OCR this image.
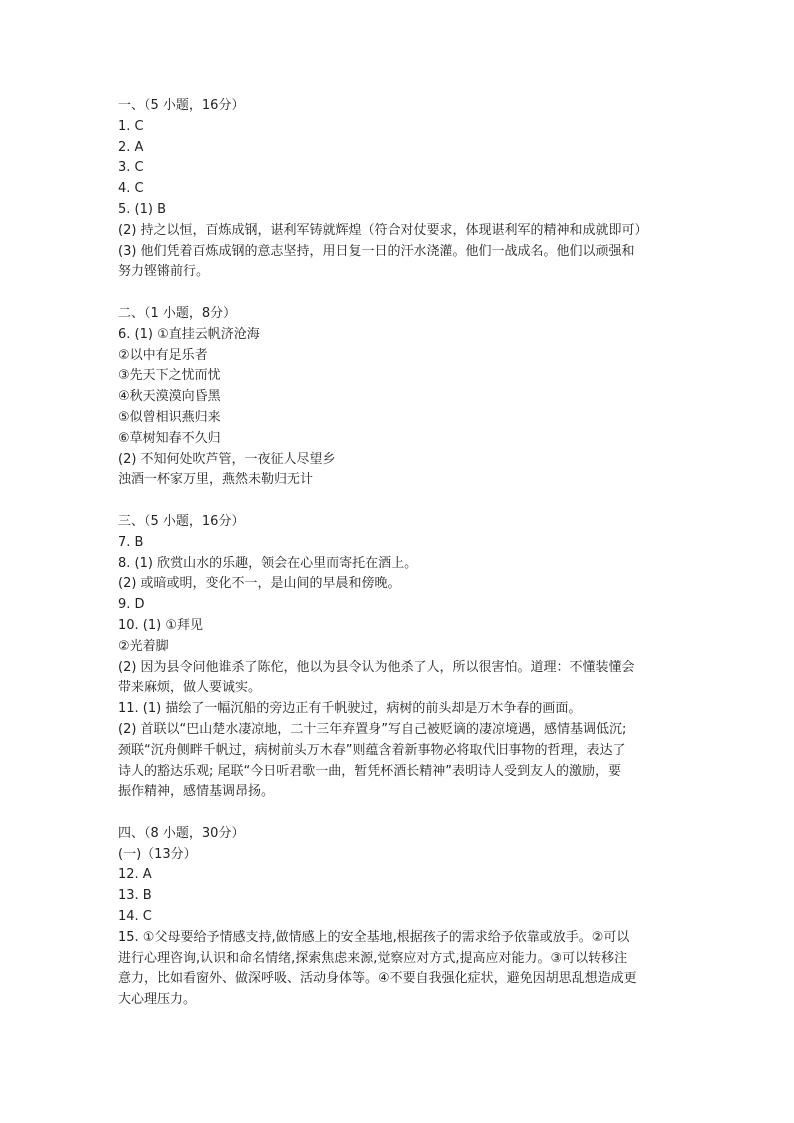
一、（5 小题，16分）
1. C
2. A
3. C
4. C
5. (1) B
(2) 持之以恒，百炼成钢，谌利军铸就辉煌（符合对仗要求，体现谌利军的精神和成就即可）
(3) 他们凭着百炼成钢的意志坚持，用日复一日的汗水浇灌。他们一战成名。他们以顽强和
努力铿锵前行。
二、（1 小题，8分）
6. (1) ①直挂云帆济沧海
②以中有足乐者
③先天下之忧而忧
④秋天漠漠向昏黑
⑤似曾相识燕归来
⑥草树知春不久归
(2) 不知何处吹芦管，一夜征人尽望乡
浊酒一杯家万里，燕然未勒归无计
三、（5 小题，16分）
7. B
8. (1) 欣赏山水的乐趣，领会在心里而寄托在酒上。
(2) 或暗或明，变化不一，是山间的早晨和傍晚。
9. D
10. (1) ①拜见
②光着脚
(2) 因为县令问他谁杀了陈佗，他以为县令认为他杀了人，所以很害怕。道理：不懂装懂会
带来麻烦，做人要诚实。
11. (1) 描绘了一幅沉船的旁边正有千帆驶过，病树的前头却是万木争春的画面。
(2) 首联以“巴山楚水凄凉地，二十三年弃置身”写自己被贬谪的凄凉境遇，感情基调低沉;
颈联“沉舟侧畔千帆过，病树前头万木春”则蕴含着新事物必将取代旧事物的哲理，表达了
诗人的豁达乐观; 尾联“今日听君歌一曲，暂凭杯酒长精神”表明诗人受到友人的激励，要
振作精神，感情基调昂扬。
四、（8 小题，30分）
(一)（13分）
12. A
13. B
14. C
15. ①父母要给予情感支持,做情感上的安全基地,根据孩子的需求给予依靠或放手。②可以
进行心理咨询,认识和命名情绪,探索焦虑来源,觉察应对方式,提高应对能力。③可以转移注
意力，比如看窗外、做深呼吸、活动身体等。④不要自我强化症状，避免因胡思乱想造成更
大心理压力。
